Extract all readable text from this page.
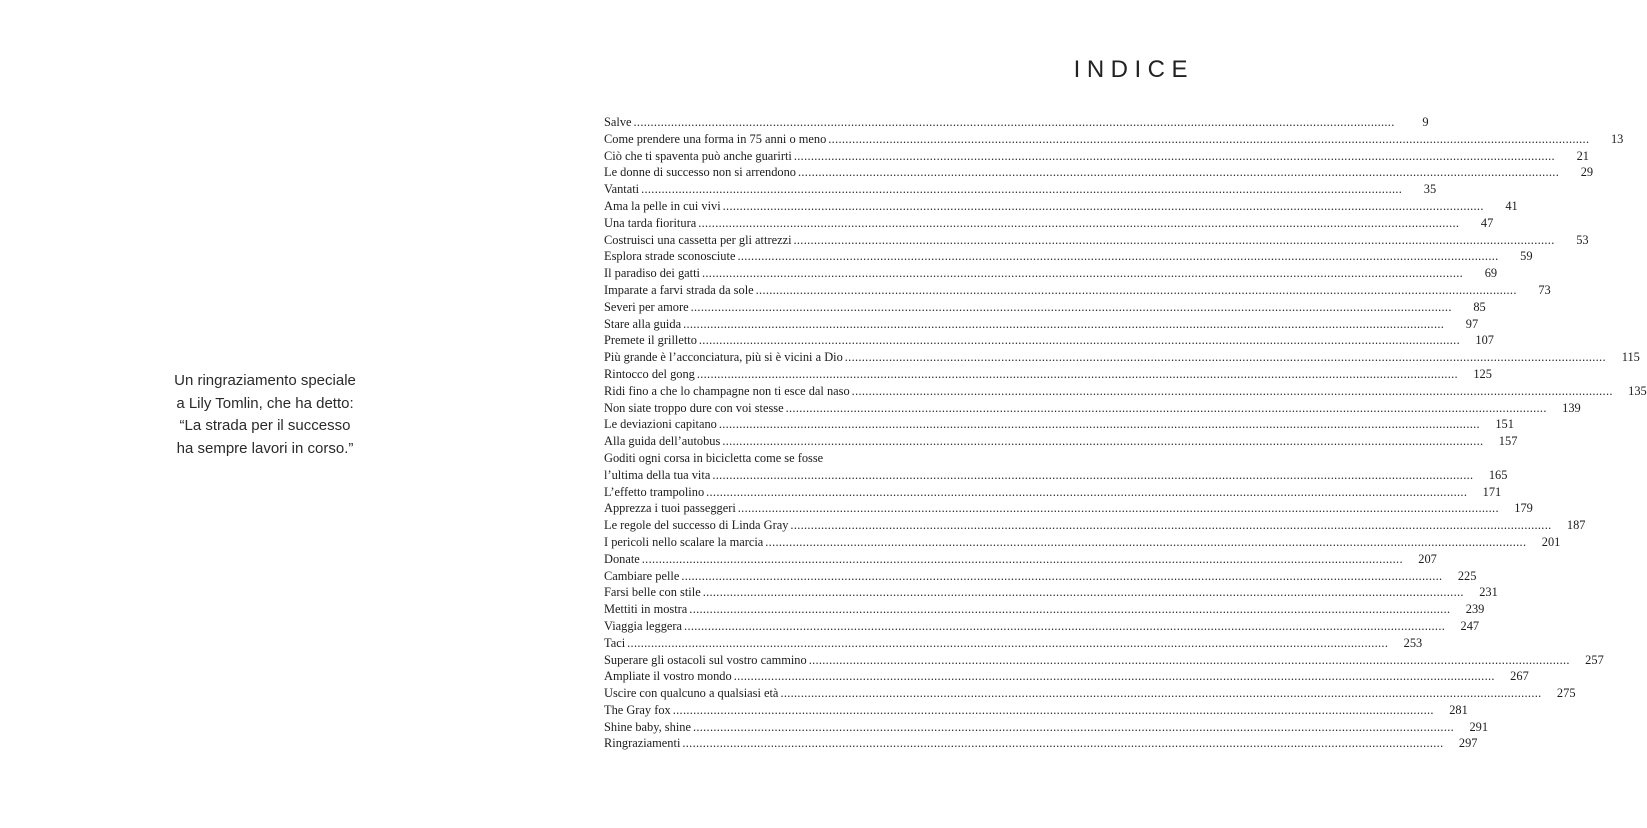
Un ringraziamento speciale
a Lily Tomlin, che ha detto:
“La strada per il successo
ha sempre lavori in corso.”
INDICE
Salve .....	9
Come prendere una forma in 75 anni o meno .....	13
Ciò che ti spaventa può anche guarirti .....	21
Le donne di successo non si arrendono .....	29
Vantati .....	35
Ama la pelle in cui vivi .....	41
Una tarda fioritura .....	47
Costruisci una cassetta per gli attrezzi .....	53
Esplora strade sconosciute .....	59
Il paradiso dei gatti .....	69
Imparate a farvi strada da sole .....	73
Severi per amore .....	85
Stare alla guida .....	97
Premete il grilletto .....	107
Più grande è l’acconciatura, più si è vicini a Dio .....	115
Rintocco del gong .....	125
Ridi fino a che lo champagne non ti esce dal naso .....	135
Non siate troppo dure con voi stesse .....	139
Le deviazioni capitano .....	151
Alla guida dell’autobus .....	157
Goditi ogni corsa in bicicletta come se fosse
l’ultima della tua vita .....	165
L’effetto trampolino .....	171
Apprezza i tuoi passeggeri .....	179
Le regole del successo di Linda Gray .....	187
I pericoli nello scalare la marcia .....	201
Donate .....	207
Cambiare pelle .....	225
Farsi belle con stile .....	231
Mettiti in mostra .....	239
Viaggia leggera .....	247
Taci .....	253
Superare gli ostacoli sul vostro cammino .....	257
Ampliate il vostro mondo .....	267
Uscire con qualcuno a qualsiasi età .....	275
The Gray fox .....	281
Shine baby, shine .....	291
Ringraziamenti .....	297
